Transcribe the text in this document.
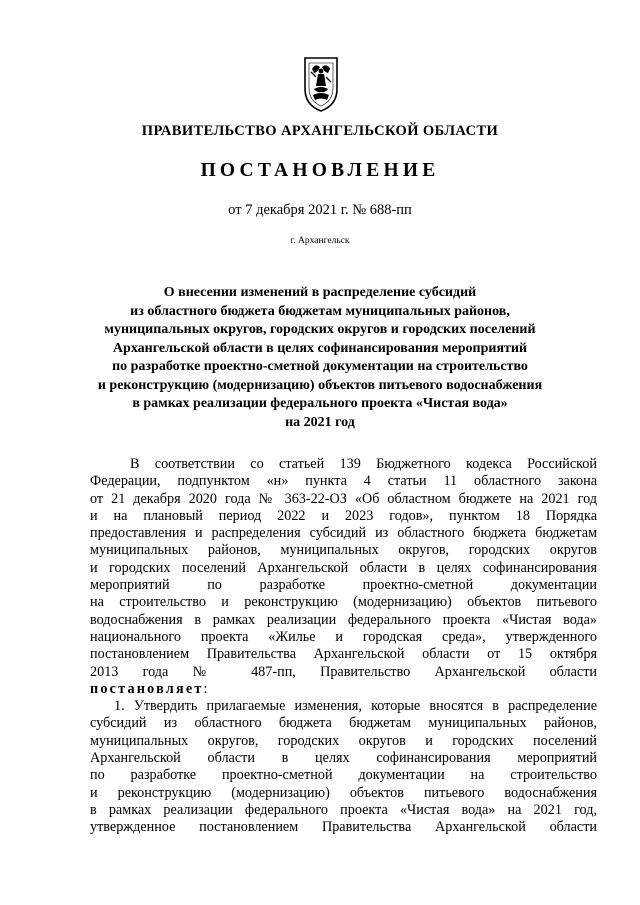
ПРАВИТЕЛЬСТВО АРХАНГЕЛЬСКОЙ ОБЛАСТИ
ПОСТАНОВЛЕНИЕ
от 7 декабря 2021 г. № 688-пп
г. Архангельск
О внесении изменений в распределение субсидий
из областного бюджета бюджетам муниципальных районов,
муниципальных округов, городских округов и городских поселений
Архангельской области в целях софинансирования мероприятий
по разработке проектно-сметной документации на строительство
и реконструкцию (модернизацию) объектов питьевого водоснабжения
в рамках реализации федерального проекта «Чистая вода»
на 2021 год
В соответствии со статьей 139 Бюджетного кодекса Российской
Федерации, подпунктом «н» пункта 4 статьи 11 областного закона
от 21 декабря 2020 года № 363-22-ОЗ «Об областном бюджете на 2021 год
и на плановый период 2022 и 2023 годов», пунктом 18 Порядка
предоставления и распределения субсидий из областного бюджета бюджетам
муниципальных районов, муниципальных округов, городских округов
и городских поселений Архангельской области в целях софинансирования
мероприятий по разработке проектно-сметной документации
на строительство и реконструкцию (модернизацию) объектов питьевого
водоснабжения в рамках реализации федерального проекта «Чистая вода»
национального проекта «Жилье и городская среда», утвержденного
постановлением Правительства Архангельской области от 15 октября
2013 года № 487-пп, Правительство Архангельской области
постановляет:
1. Утвердить прилагаемые изменения, которые вносятся в распределение
субсидий из областного бюджета бюджетам муниципальных районов,
муниципальных округов, городских округов и городских поселений
Архангельской области в целях софинансирования мероприятий
по разработке проектно-сметной документации на строительство
и реконструкцию (модернизацию) объектов питьевого водоснабжения
в рамках реализации федерального проекта «Чистая вода» на 2021 год,
утвержденное постановлением Правительства Архангельской области
